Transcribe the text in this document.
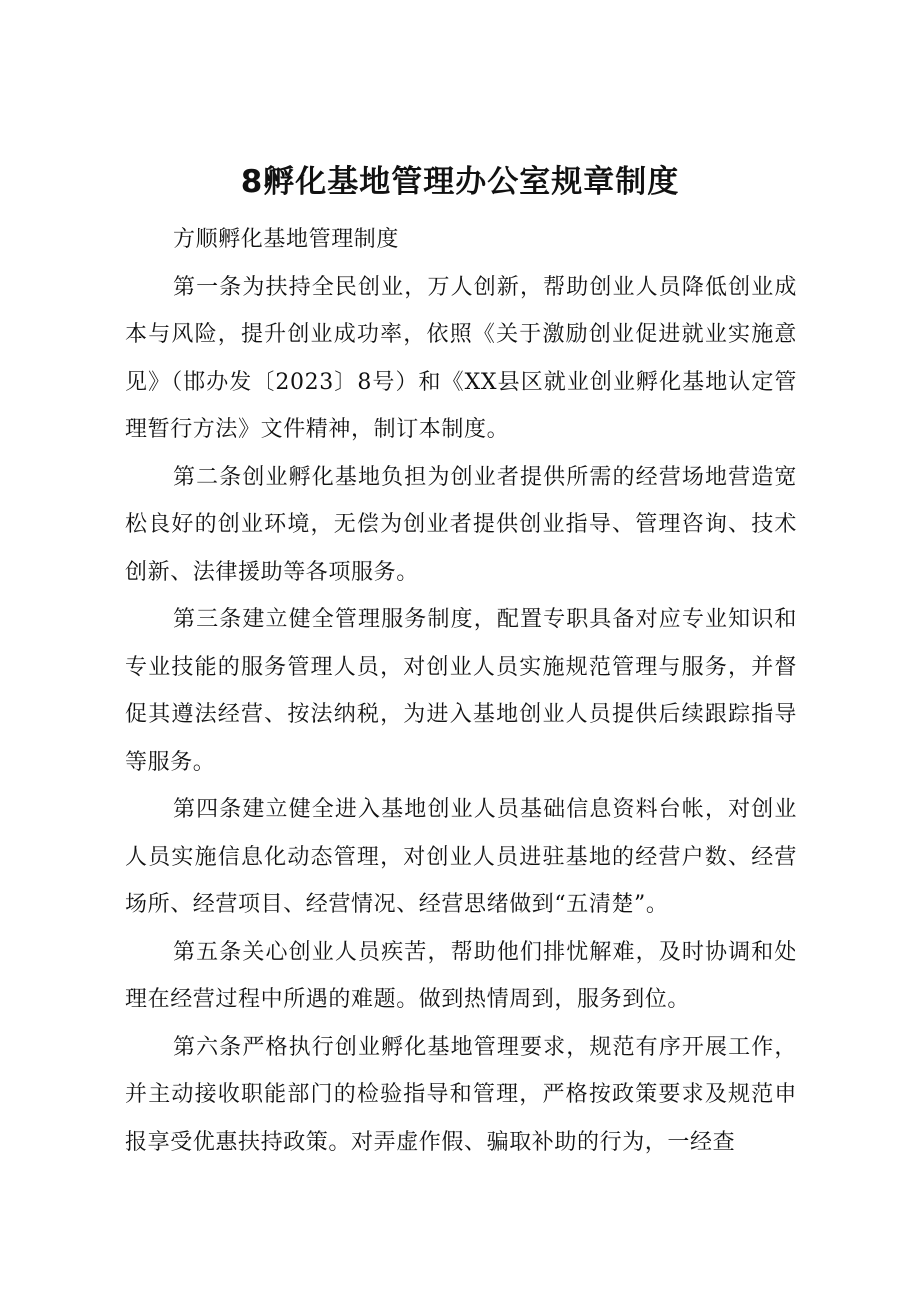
8孵化基地管理办公室规章制度

方顺孵化基地管理制度

第一条为扶持全民创业，万人创新，帮助创业人员降低创业成本与风险，提升创业成功率，依照《关于激励创业促进就业实施意见》（邯办发〔2023〕8号）和《XX县区就业创业孵化基地认定管理暂行方法》文件精神，制订本制度。

第二条创业孵化基地负担为创业者提供所需的经营场地营造宽松良好的创业环境，无偿为创业者提供创业指导、管理咨询、技术创新、法律援助等各项服务。

第三条建立健全管理服务制度，配置专职具备对应专业知识和专业技能的服务管理人员，对创业人员实施规范管理与服务，并督促其遵法经营、按法纳税，为进入基地创业人员提供后续跟踪指导等服务。

第四条建立健全进入基地创业人员基础信息资料台帐，对创业人员实施信息化动态管理，对创业人员进驻基地的经营户数、经营场所、经营项目、经营情况、经营思绪做到“五清楚”。

第五条关心创业人员疾苦，帮助他们排忧解难，及时协调和处理在经营过程中所遇的难题。做到热情周到，服务到位。

第六条严格执行创业孵化基地管理要求，规范有序开展工作，并主动接收职能部门的检验指导和管理，严格按政策要求及规范申报享受优惠扶持政策。对弄虚作假、骗取补助的行为，一经查
